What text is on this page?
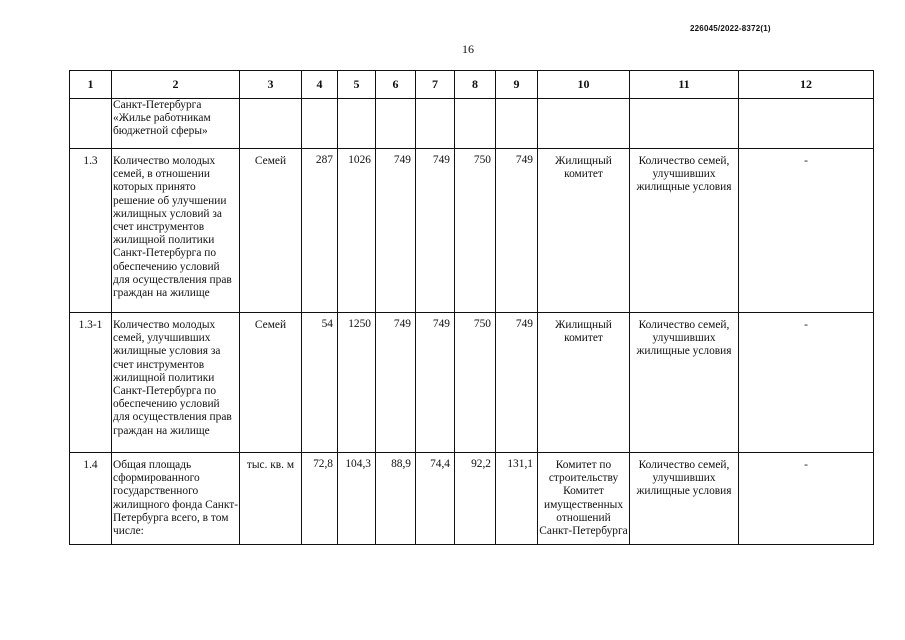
226045/2022-8372(1)
16
1	2	3	4	5	6	7	8	9	10	11	12
	Санкт-Петербурга «Жилье работникам бюджетной сферы»										
1.3	Количество молодых семей, в отношении которых принято решение об улучшении жилищных условий за счет инструментов жилищной политики Санкт-Петербурга по обеспечению условий для осуществления прав граждан на жилище	Семей	287	1026	749	749	750	749	Жилищный комитет	Количество семей, улучшивших жилищные условия	-
1.3-1	Количество молодых семей, улучшивших жилищные условия за счет инструментов жилищной политики Санкт-Петербурга по обеспечению условий для осуществления прав граждан на жилище	Семей	54	1250	749	749	750	749	Жилищный комитет	Количество семей, улучшивших жилищные условия	-
1.4	Общая площадь сформированного государственного жилищного фонда Санкт-Петербурга всего, в том числе:	тыс. кв. м	72,8	104,3	88,9	74,4	92,2	131,1	Комитет по строительству Комитет имущественных отношений Санкт-Петербурга	Количество семей, улучшивших жилищные условия	-
